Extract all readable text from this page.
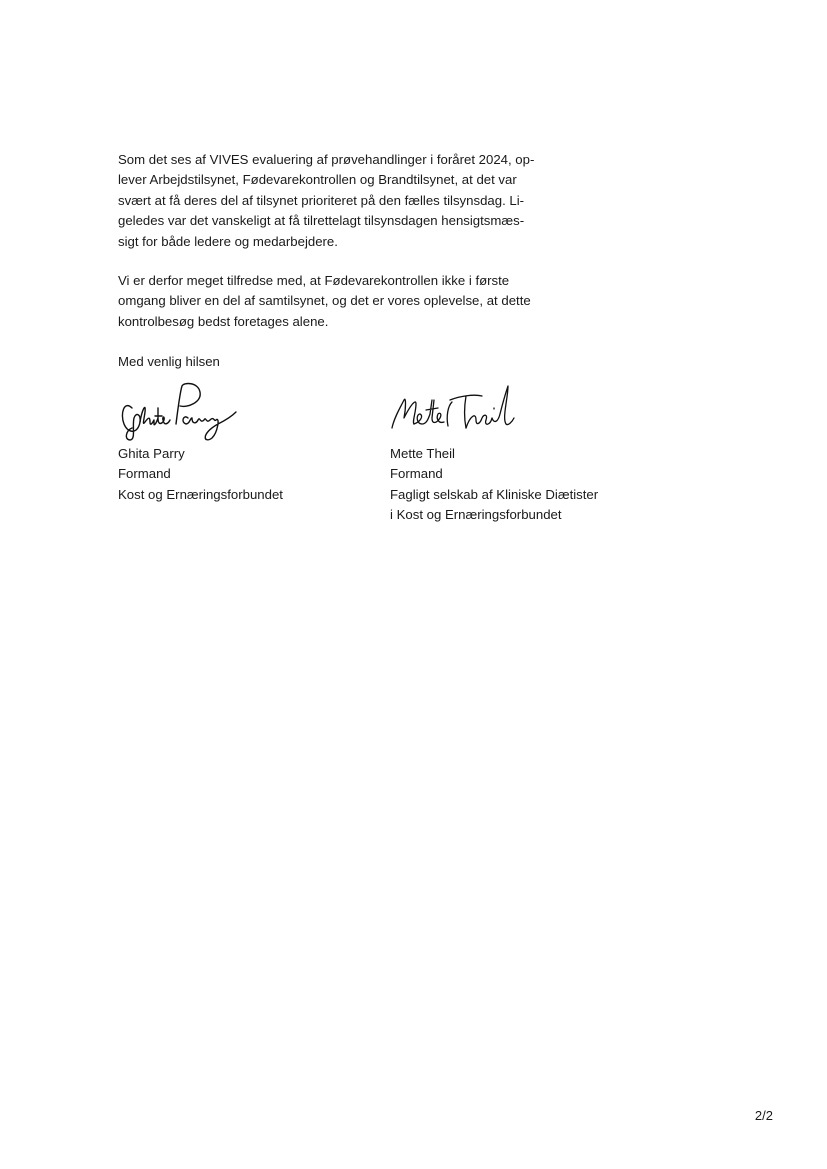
Som det ses af VIVES evaluering af prøvehandlinger i foråret 2024, op-
lever Arbejdstilsynet, Fødevarekontrollen og Brandtilsynet, at det var
svært at få deres del af tilsynet prioriteret på den fælles tilsynsdag. Li-
geledes var det vanskeligt at få tilrettelagt tilsynsdagen hensigtsmæs-
sigt for både ledere og medarbejdere.

Vi er derfor meget tilfredse med, at Fødevarekontrollen ikke i første
omgang bliver en del af samtilsynet, og det er vores oplevelse, at dette
kontrolbesøg bedst foretages alene.

Med venlig hilsen

Ghita Parry
Formand
Kost og Ernæringsforbundet
Mette Theil
Formand
Fagligt selskab af Kliniske Diætister
i Kost og Ernæringsforbundet
2/2
